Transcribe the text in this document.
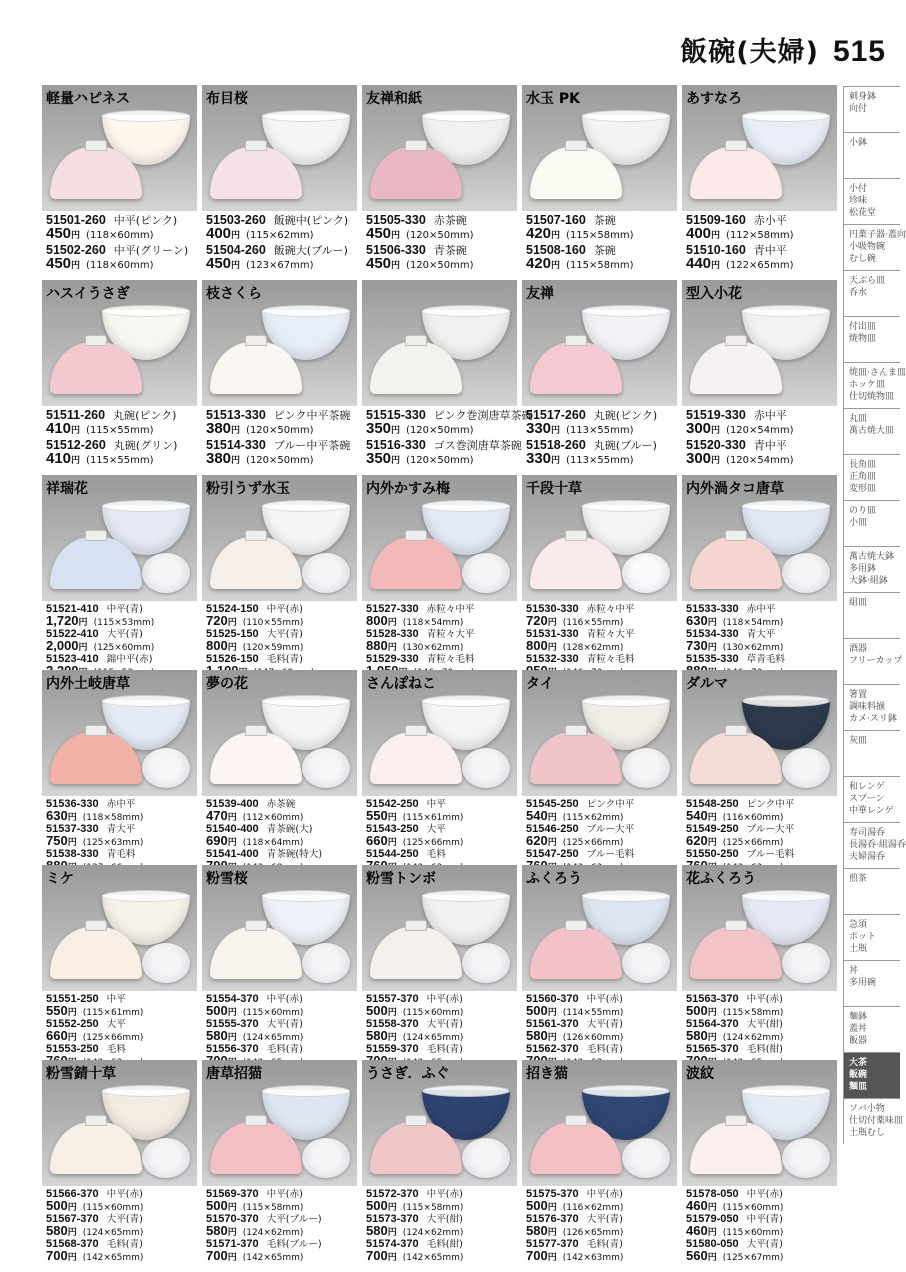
飯碗(夫婦) 515
軽量ハピネス
51501-260 中平(ピンク)
450円 (118×60mm)
51502-260 中平(グリーン)
450円 (118×60mm)
布目桜
51503-260 飯碗中(ピンク)
400円 (115×62mm)
51504-260 飯碗大(ブルー)
450円 (123×67mm)
友禅和紙
51505-330 赤茶碗
450円 (120×50mm)
51506-330 青茶碗
450円 (120×50mm)
水玉 PK
51507-160 茶碗
420円 (115×58mm)
51508-160 茶碗
420円 (115×58mm)
あすなろ
51509-160 赤小平
400円 (112×58mm)
51510-160 青中平
440円 (122×65mm)
ハスイうさぎ
51511-260 丸碗(ピンク)
410円 (115×55mm)
51512-260 丸碗(グリン)
410円 (115×55mm)
枝さくら
51513-330 ピンク中平茶碗
380円 (120×50mm)
51514-330 ブルー中平茶碗
380円 (120×50mm)
51515-330 ピンク巻渕唐草茶碗
350円 (120×50mm)
51516-330 ゴス巻渕唐草茶碗
350円 (120×50mm)
友禅
51517-260 丸碗(ピンク)
330円 (113×55mm)
51518-260 丸碗(ブルー)
330円 (113×55mm)
型入小花
51519-330 赤中平
300円 (120×54mm)
51520-330 青中平
300円 (120×54mm)
祥瑞花
51521-410 中平(青)
1,720円 (115×53mm)
51522-410 大平(青)
2,000円 (125×60mm)
51523-410 錦中平(赤)
粉引うず水玉
51524-150 中平(赤)
720円 (110×55mm)
51525-150 大平(青)
800円 (120×59mm)
51526-150 毛料(青)
内外かすみ梅
51527-330 赤粒々中平
800円 (118×54mm)
51528-330 青粒々大平
880円 (130×62mm)
51529-330 青粒々毛料
千段十草
51530-330 赤粒々中平
720円 (116×55mm)
51531-330 青粒々大平
800円 (128×62mm)
51532-330 青粒々毛料
内外渦タコ唐草
51533-330 赤中平
630円 (118×54mm)
51534-330 青大平
730円 (130×62mm)
51535-330 草青毛料
内外土岐唐草
51536-330 赤中平
630円 (118×58mm)
51537-330 青大平
750円 (125×63mm)
51538-330 青毛料
夢の花
51539-400 赤茶碗
470円 (112×60mm)
51540-400 青茶碗(大)
690円 (118×64mm)
51541-400 青茶碗(特大)
さんぽねこ
51542-250 中平
550円 (115×61mm)
51543-250 大平
660円 (125×66mm)
51544-250 毛料
タイ
51545-250 ピンク中平
540円 (115×62mm)
51546-250 ブルー大平
620円 (125×66mm)
51547-250 ブルー毛料
ダルマ
51548-250 ピンク中平
540円 (116×60mm)
51549-250 ブルー大平
620円 (125×66mm)
51550-250 ブルー毛料
ミケ
51551-250 中平
550円 (115×61mm)
51552-250 大平
660円 (125×66mm)
51553-250 毛料
粉雪桜
51554-370 中平(赤)
500円 (115×60mm)
51555-370 大平(青)
580円 (124×65mm)
51556-370 毛料(青)
粉雪トンボ
51557-370 中平(赤)
500円 (115×60mm)
51558-370 大平(青)
580円 (124×65mm)
51559-370 毛料(青)
ふくろう
51560-370 中平(赤)
500円 (114×55mm)
51561-370 大平(青)
580円 (126×60mm)
51562-370 毛料(青)
花ふくろう
51563-370 中平(赤)
500円 (115×58mm)
51564-370 大平(紺)
580円 (124×62mm)
51565-370 毛料(紺)
粉雪錆十草
51566-370 中平(赤)
500円 (115×60mm)
51567-370 大平(青)
580円 (124×65mm)
51568-370 毛料(青)
700円 (142×65mm)
唐草招猫
51569-370 中平(赤)
500円 (115×58mm)
51570-370 大平(ブルー)
580円 (124×62mm)
51571-370 毛料(ブルー)
700円 (142×65mm)
うさぎ．ふぐ
51572-370 中平(赤)
500円 (115×58mm)
51573-370 大平(紺)
580円 (124×62mm)
51574-370 毛料(紺)
700円 (142×65mm)
招き猫
51575-370 中平(赤)
500円 (116×62mm)
51576-370 大平(青)
580円 (126×65mm)
51577-370 毛料(青)
700円 (142×63mm)
波紋
51578-050 中平(赤)
460円 (115×60mm)
51579-050 中平(青)
460円 (115×60mm)
51580-050 大平(青)
560円 (125×67mm)
刺身鉢
向付
小鉢
小付
珍味
松花堂
円菓子器·蓋向
小吸物碗
むし碗
天ぷら皿
呑水
付出皿
焼物皿
焼皿·さんま皿
ホッケ皿
仕切焼物皿
丸皿
萬古焼大皿
長角皿
正角皿
変形皿
のり皿
小皿
萬古焼大鉢
多用鉢
大鉢·組鉢
組皿
酒器
フリーカップ
箸置
調味料揃
カメ·スリ鉢
灰皿
和レンゲ
スプーン
中華レンゲ
寿司湯呑
長湯呑·組湯呑
夫婦湯呑
煎茶
急須
ポット
土瓶
丼
多用碗
麺鉢
蓋丼
飯器
大茶
飯碗
麺皿
ソバ小物
仕切付薬味皿
土瓶むし
